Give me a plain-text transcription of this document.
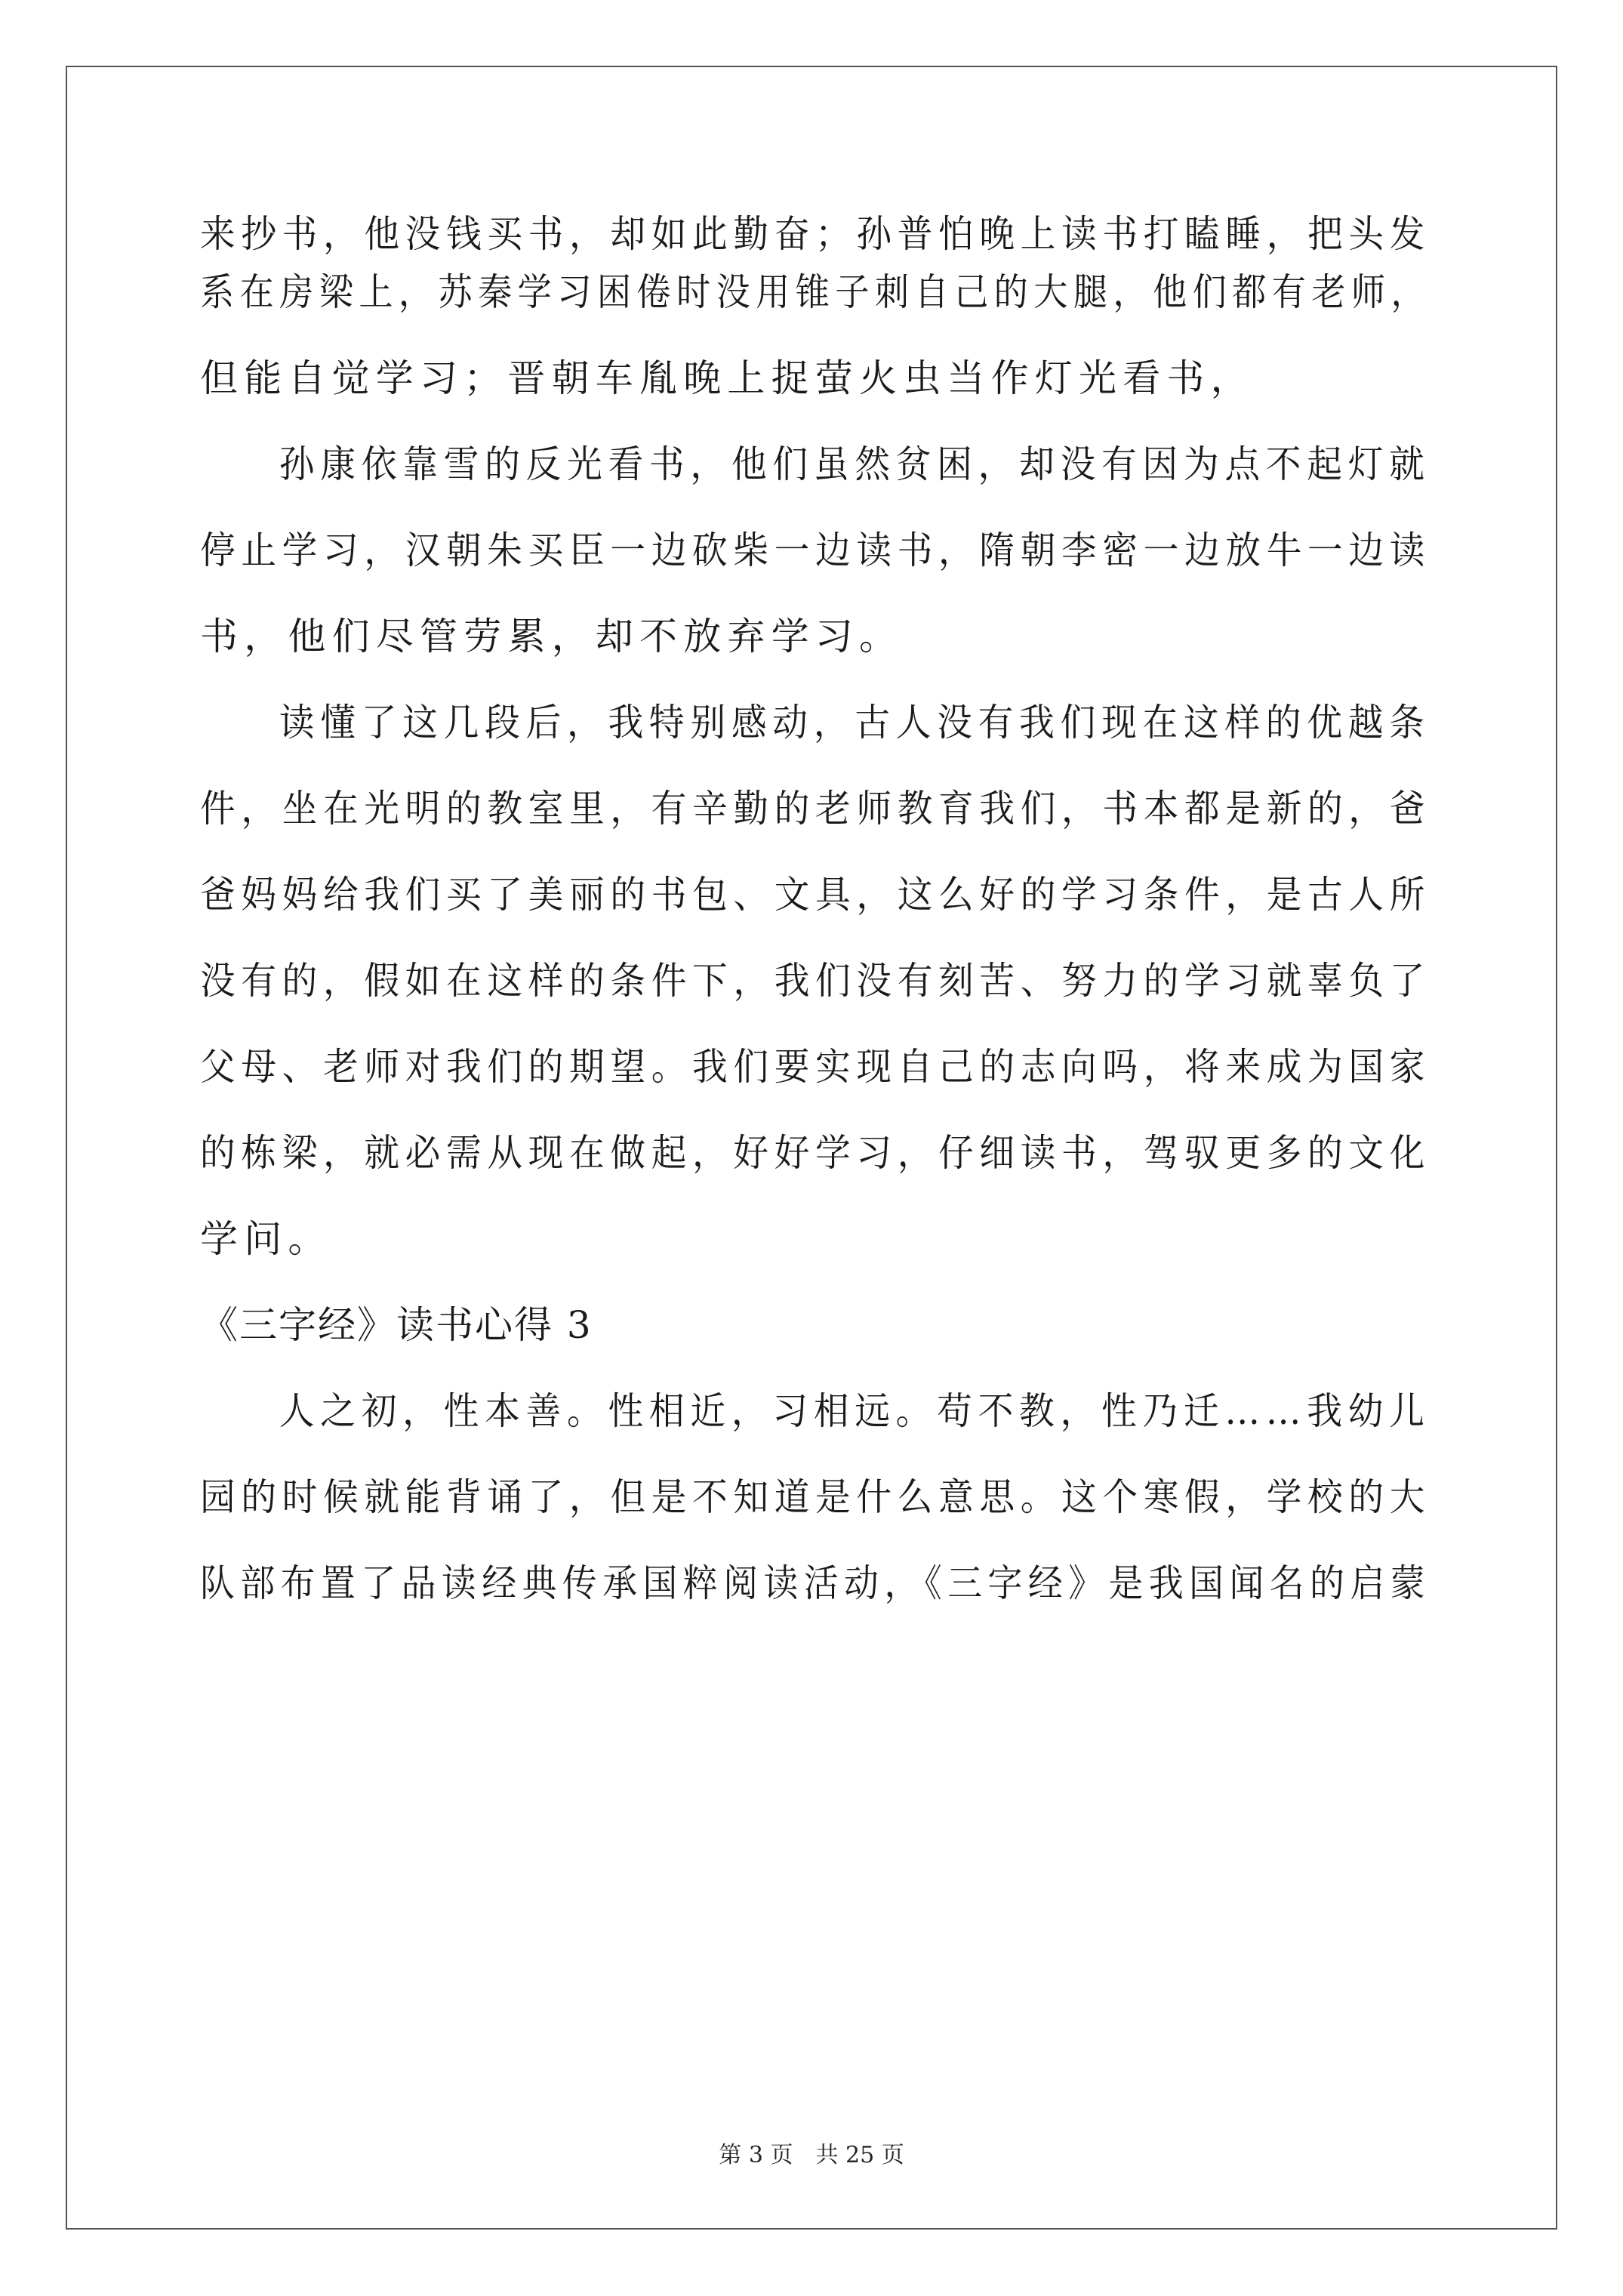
来抄书，他没钱买书，却如此勤奋；孙普怕晚上读书打瞌睡，把头发
系在房梁上，苏秦学习困倦时没用锥子刺自己的大腿，他们都有老师，
但能自觉学习；晋朝车胤晚上捉萤火虫当作灯光看书，
孙康依靠雪的反光看书，他们虽然贫困，却没有因为点不起灯就
停止学习，汉朝朱买臣一边砍柴一边读书，隋朝李密一边放牛一边读
书，他们尽管劳累，却不放弃学习。
读懂了这几段后，我特别感动，古人没有我们现在这样的优越条
件，坐在光明的教室里，有辛勤的老师教育我们，书本都是新的，爸
爸妈妈给我们买了美丽的书包、文具，这么好的学习条件，是古人所
没有的，假如在这样的条件下，我们没有刻苦、努力的学习就辜负了
父母、老师对我们的期望。我们要实现自己的志向吗，将来成为国家
的栋梁，就必需从现在做起，好好学习，仔细读书，驾驭更多的文化
学问。
《三字经》读书心得 3
人之初，性本善。性相近，习相远。苟不教，性乃迁……我幼儿
园的时候就能背诵了，但是不知道是什么意思。这个寒假，学校的大
队部布置了品读经典传承国粹阅读活动，《三字经》是我国闻名的启蒙
第 3 页　共 25 页
